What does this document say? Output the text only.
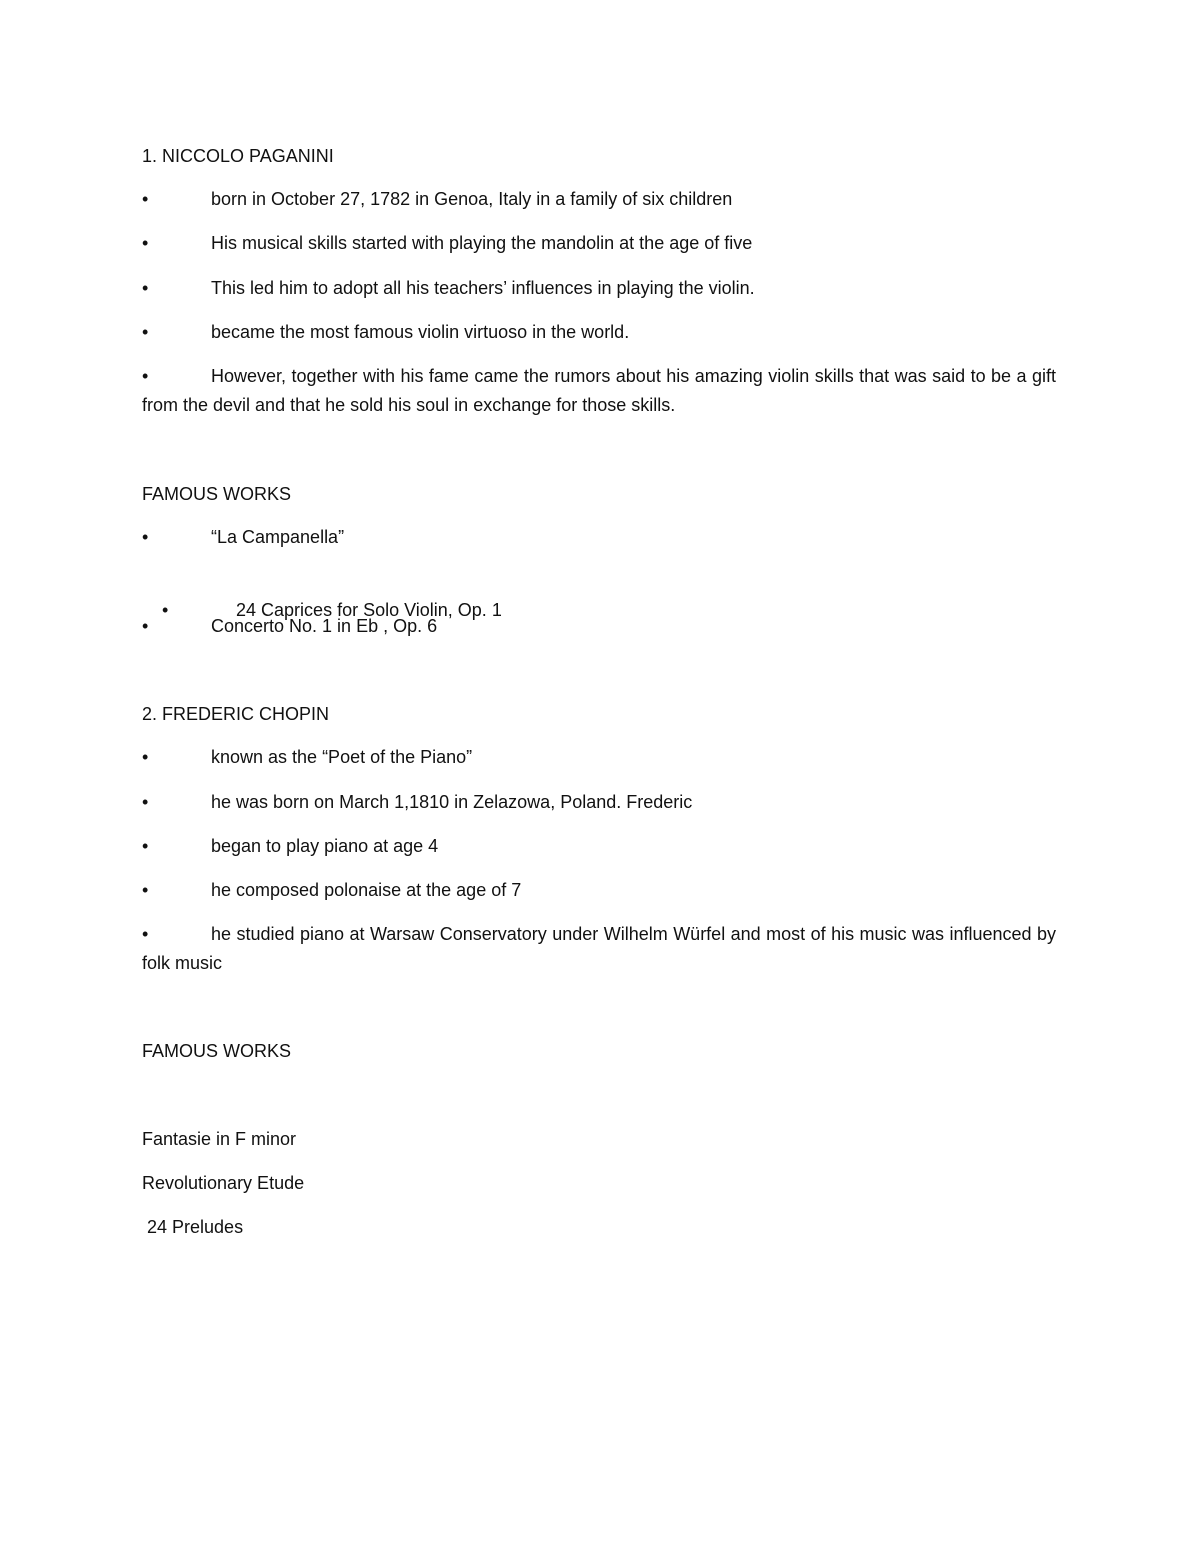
1. NICCOLO PAGANINI
•	born in October 27, 1782 in Genoa, Italy in a family of six children
•	His musical skills started with playing the mandolin at the age of five
•	This led him to adopt all his teachers’ influences in playing the violin.
•	became the most famous violin virtuoso in the world.
•	However, together with his fame came the rumors about his amazing violin skills that was said to be a gift from the devil and that he sold his soul in exchange for those skills.
FAMOUS WORKS
•	“La Campanella”

•	24 Caprices for Solo Violin, Op. 1

•	Concerto No. 1 in Eb , Op. 6
2. FREDERIC CHOPIN
•	known as the “Poet of the Piano”
•	he was born on March 1,1810 in Zelazowa, Poland. Frederic
•	began to play piano at age 4
•	he composed polonaise at the age of 7
•	he studied piano at Warsaw Conservatory under Wilhelm Würfel and most of his music was influenced by folk music
FAMOUS WORKS
Fantasie in F minor
Revolutionary Etude
24 Preludes
